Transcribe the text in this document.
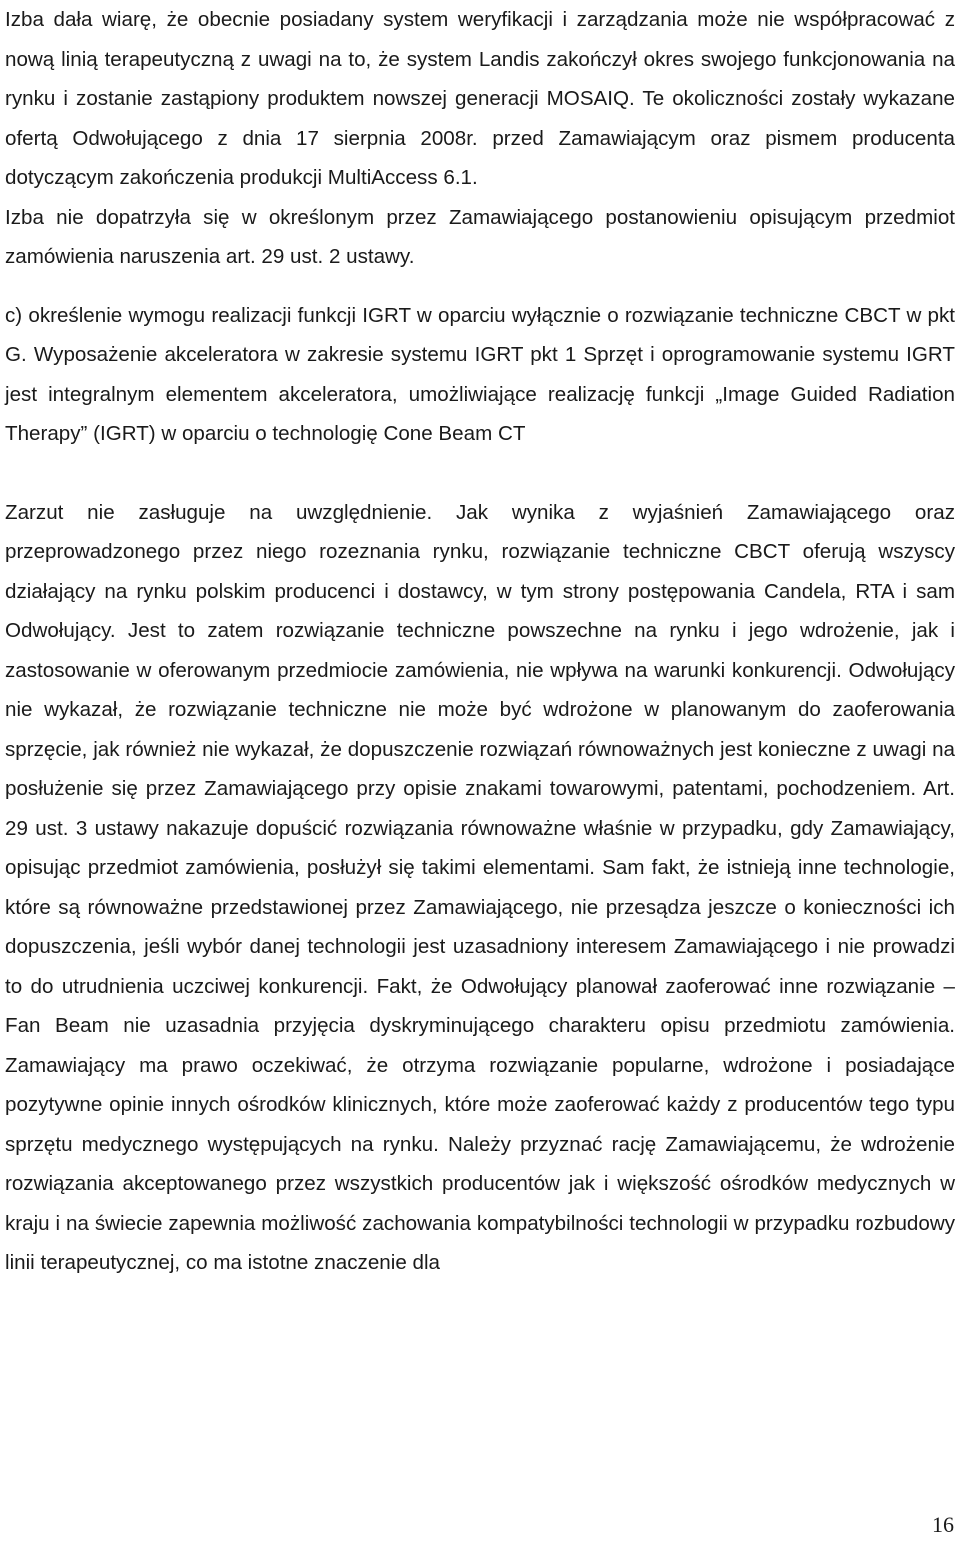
Izba dała wiarę, że obecnie posiadany system weryfikacji i zarządzania może nie współpracować z nową linią terapeutyczną z uwagi na to, że system Landis zakończył okres swojego funkcjonowania na rynku i zostanie zastąpiony produktem nowszej generacji MOSAIQ. Te okoliczności zostały wykazane ofertą Odwołującego z dnia 17 sierpnia 2008r. przed Zamawiającym oraz pismem producenta dotyczącym zakończenia produkcji MultiAccess 6.1.

Izba nie dopatrzyła się w określonym przez Zamawiającego postanowieniu opisującym przedmiot zamówienia naruszenia art. 29 ust. 2 ustawy.

c) określenie wymogu realizacji funkcji IGRT w oparciu wyłącznie o rozwiązanie techniczne CBCT w pkt G. Wyposażenie akceleratora w zakresie systemu IGRT pkt 1 Sprzęt i oprogramowanie systemu IGRT jest integralnym elementem akceleratora, umożliwiające realizację funkcji „Image Guided Radiation Therapy” (IGRT) w oparciu o technologię Cone Beam CT

Zarzut nie zasługuje na uwzględnienie. Jak wynika z wyjaśnień Zamawiającego oraz przeprowadzonego przez niego rozeznania rynku, rozwiązanie techniczne CBCT oferują wszyscy działający na rynku polskim producenci i dostawcy, w tym strony postępowania Candela, RTA i sam Odwołujący. Jest to zatem rozwiązanie techniczne powszechne na rynku i jego wdrożenie, jak i zastosowanie w oferowanym przedmiocie zamówienia, nie wpływa na warunki konkurencji. Odwołujący nie wykazał, że rozwiązanie techniczne nie może być wdrożone w planowanym do zaoferowania sprzęcie, jak również nie wykazał, że dopuszczenie rozwiązań równoważnych jest konieczne z uwagi na posłużenie się przez Zamawiającego przy opisie znakami towarowymi, patentami, pochodzeniem. Art. 29 ust. 3 ustawy nakazuje dopuścić rozwiązania równoważne właśnie w przypadku, gdy Zamawiający, opisując przedmiot zamówienia, posłużył się takimi elementami. Sam fakt, że istnieją inne technologie, które są równoważne przedstawionej przez Zamawiającego, nie przesądza jeszcze o konieczności ich dopuszczenia, jeśli wybór danej technologii jest uzasadniony interesem Zamawiającego i nie prowadzi to do utrudnienia uczciwej konkurencji. Fakt, że Odwołujący planował zaoferować inne rozwiązanie – Fan Beam nie uzasadnia przyjęcia dyskryminującego charakteru opisu przedmiotu zamówienia. Zamawiający ma prawo oczekiwać, że otrzyma rozwiązanie popularne, wdrożone i posiadające pozytywne opinie innych ośrodków klinicznych, które może zaoferować każdy z producentów tego typu sprzętu medycznego występujących na rynku. Należy przyznać rację Zamawiającemu, że wdrożenie rozwiązania akceptowanego przez wszystkich producentów jak i większość ośrodków medycznych w kraju i na świecie zapewnia możliwość zachowania kompatybilności technologii w przypadku rozbudowy linii terapeutycznej, co ma istotne znaczenie dla

16
